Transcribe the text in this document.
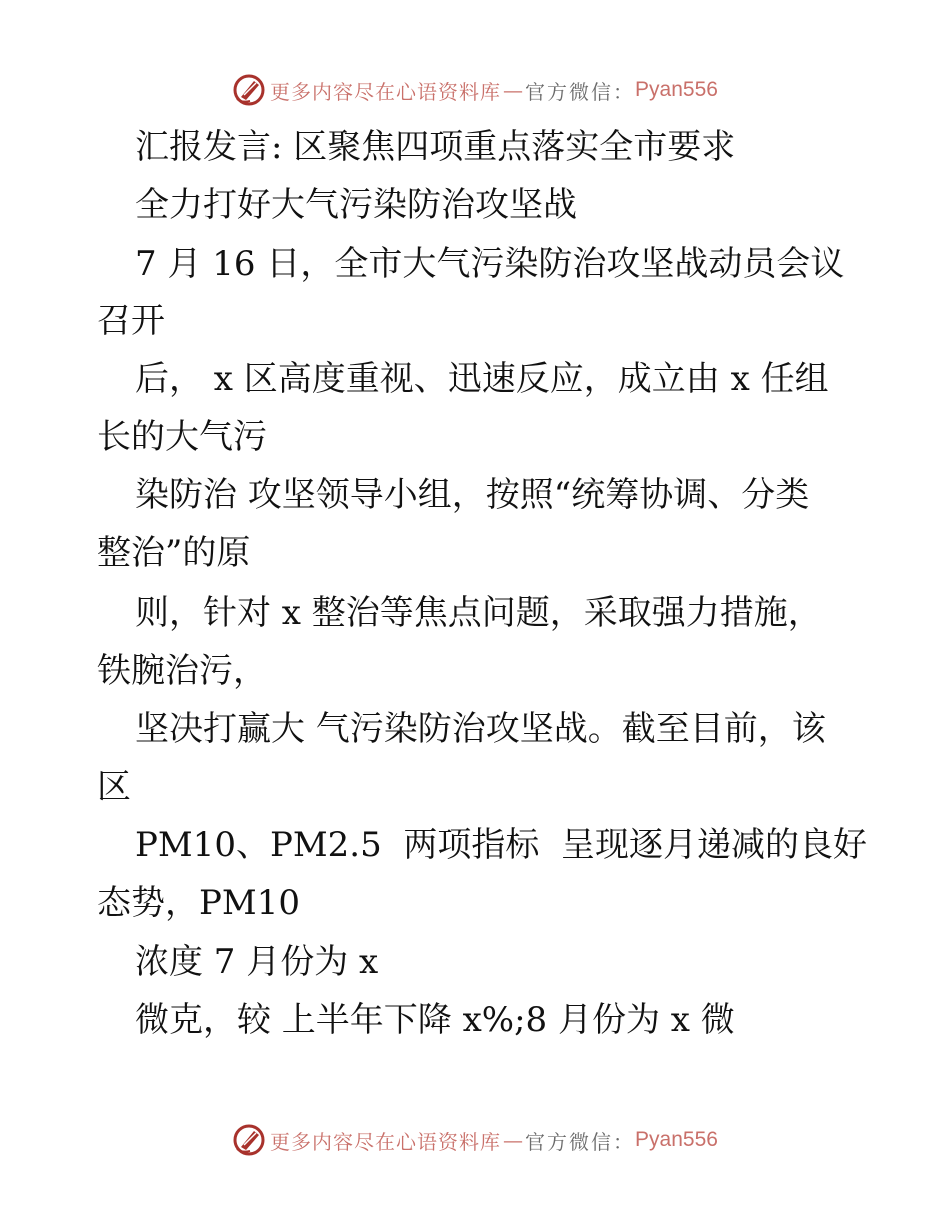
更多内容尽在心语资料库 — 官方微信： Pyan556
汇报发言: 区聚焦四项重点落实全市要求
全力打好大气污染防治攻坚战
7 月 16 日，全市大气污染防治攻坚战动员会议
召开
后， x 区高度重视、迅速反应，成立由 x 任组
长的大气污
染防治 攻坚领导小组，按照“统筹协调、分类
整治”的原
则，针对 x 整治等焦点问题，采取强力措施，
铁腕治污，
坚决打赢大 气污染防治攻坚战。截至目前，该
区
PM10、PM2.5  两项指标  呈现逐月递减的良好
态势，PM10
浓度 7 月份为 x
微克，较 上半年下降 x%;8 月份为 x 微
更多内容尽在心语资料库 — 官方微信： Pyan556
